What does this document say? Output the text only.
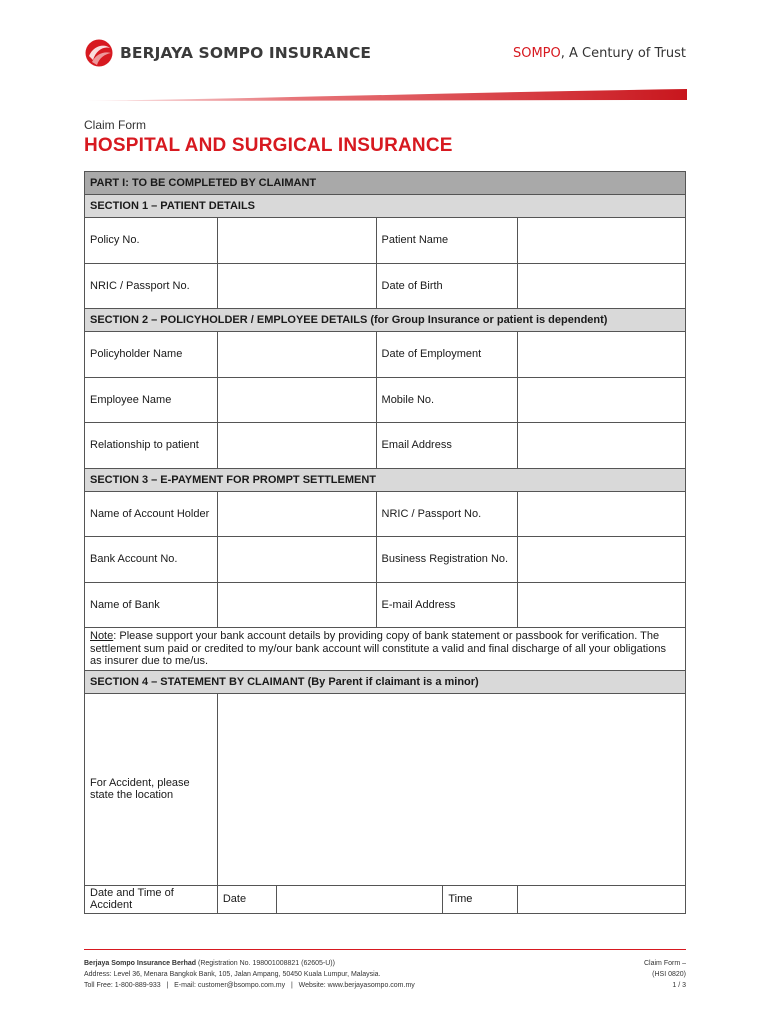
BERJAYA SOMPO INSURANCE	SOMPO, A Century of Trust
Claim Form
HOSPITAL AND SURGICAL INSURANCE
PART I: TO BE COMPLETED BY CLAIMANT				
SECTION 1 – PATIENT DETAILS				
Policy No.			Patient Name	
NRIC / Passport No.			Date of Birth	
SECTION 2 – POLICYHOLDER / EMPLOYEE DETAILS (for Group Insurance or patient is dependent)				
Policyholder Name			Date of Employment	
Employee Name			Mobile No.	
Relationship to patient			Email Address	
SECTION 3 – E-PAYMENT FOR PROMPT SETTLEMENT				
Name of Account Holder			NRIC / Passport No.	
Bank Account No.			Business Registration No.	
Name of Bank			E-mail Address	
Note: Please support your bank account details by providing copy of bank statement or passbook for verification. The settlement sum paid or credited to my/our bank account will constitute a valid and final discharge of all your obligations as insurer due to me/us.				
SECTION 4 – STATEMENT BY CLAIMANT (By Parent if claimant is a minor)				
For Accident, please state the location				
Date and Time of Accident	Date	Time		

Berjaya Sompo Insurance Berhad (Registration No. 198001008821 (62605-U))
Address: Level 36, Menara Bangkok Bank, 105, Jalan Ampang, 50450 Kuala Lumpur, Malaysia.
Toll Free: 1-800-889-933   |   E-mail: customer@bsompo.com.my   |   Website: www.berjayasompo.com.my
Claim Form –
(HSI 0820)
1 / 3
